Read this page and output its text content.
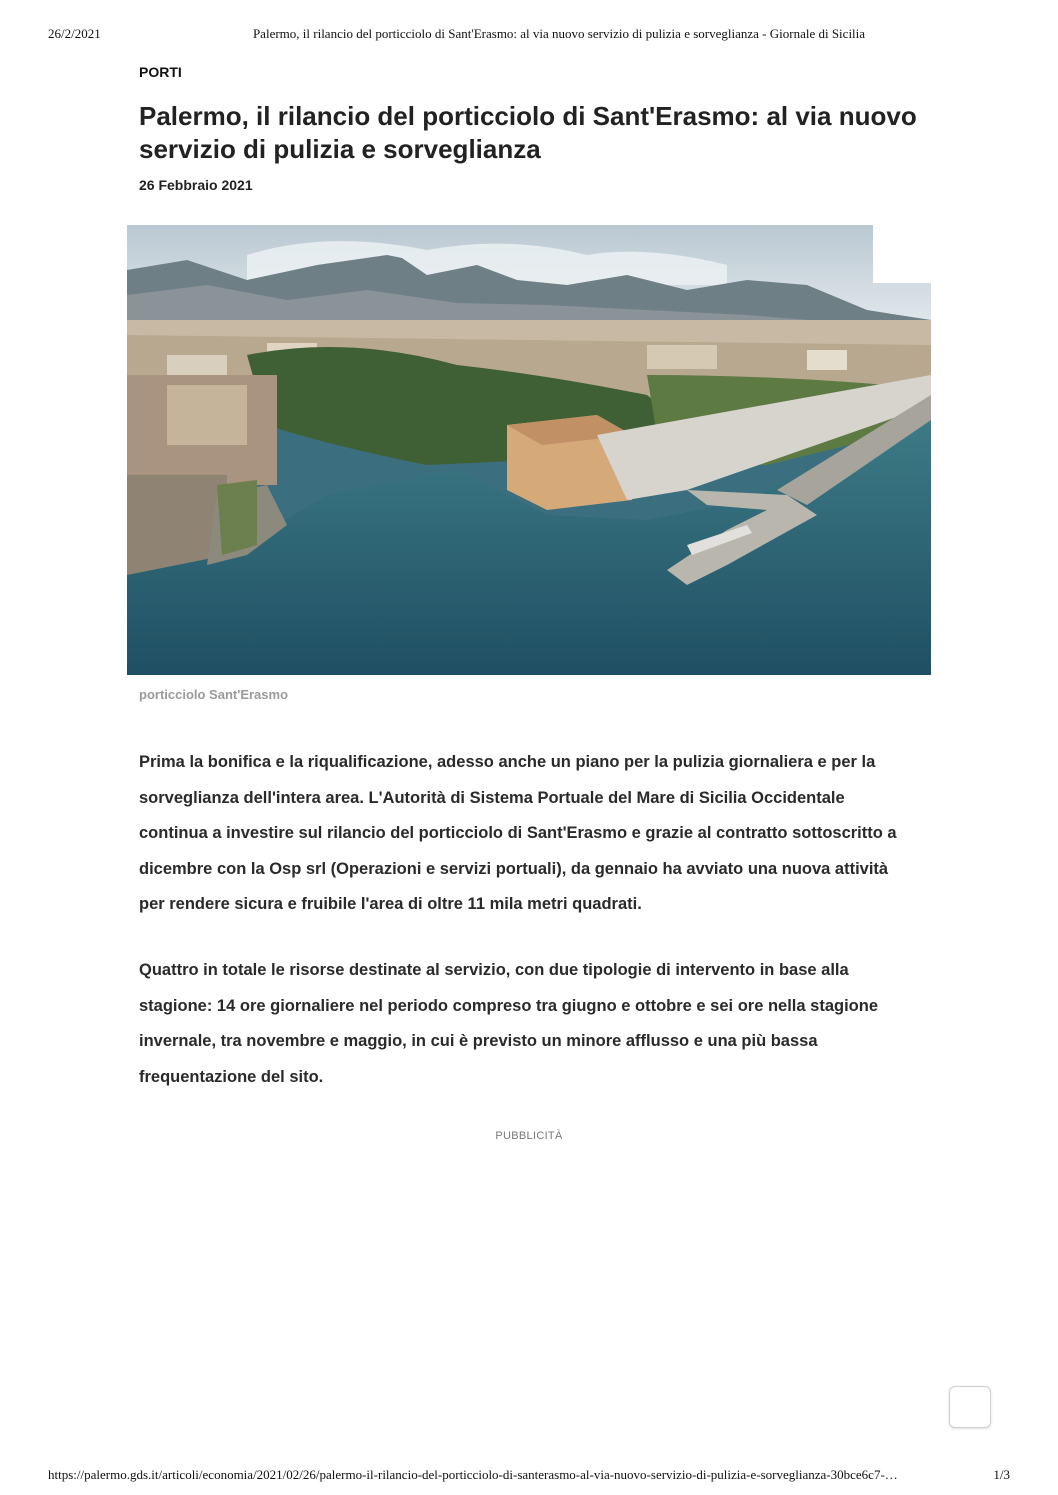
26/2/2021	Palermo, il rilancio del porticciolo di Sant'Erasmo: al via nuovo servizio di pulizia e sorveglianza - Giornale di Sicilia
PORTI
Palermo, il rilancio del porticciolo di Sant'Erasmo: al via nuovo servizio di pulizia e sorveglianza
26 Febbraio 2021
porticciolo Sant'Erasmo

Prima la bonifica e la riqualificazione, adesso anche un piano per la pulizia giornaliera e per la sorveglianza dell'intera area. L'Autorità di Sistema Portuale del Mare di Sicilia Occidentale continua a investire sul rilancio del porticciolo di Sant'Erasmo e grazie al contratto sottoscritto a dicembre con la Osp srl (Operazioni e servizi portuali), da gennaio ha avviato una nuova attività per rendere sicura e fruibile l'area di oltre 11 mila metri quadrati.

Quattro in totale le risorse destinate al servizio, con due tipologie di intervento in base alla stagione: 14 ore giornaliere nel periodo compreso tra giugno e ottobre e sei ore nella stagione invernale, tra novembre e maggio, in cui è previsto un minore afflusso e una più bassa frequentazione del sito.

PUBBLICITÀ
https://palermo.gds.it/articoli/economia/2021/02/26/palermo-il-rilancio-del-porticciolo-di-santerasmo-al-via-nuovo-servizio-di-pulizia-e-sorveglianza-30bce6c7-…	1/3
